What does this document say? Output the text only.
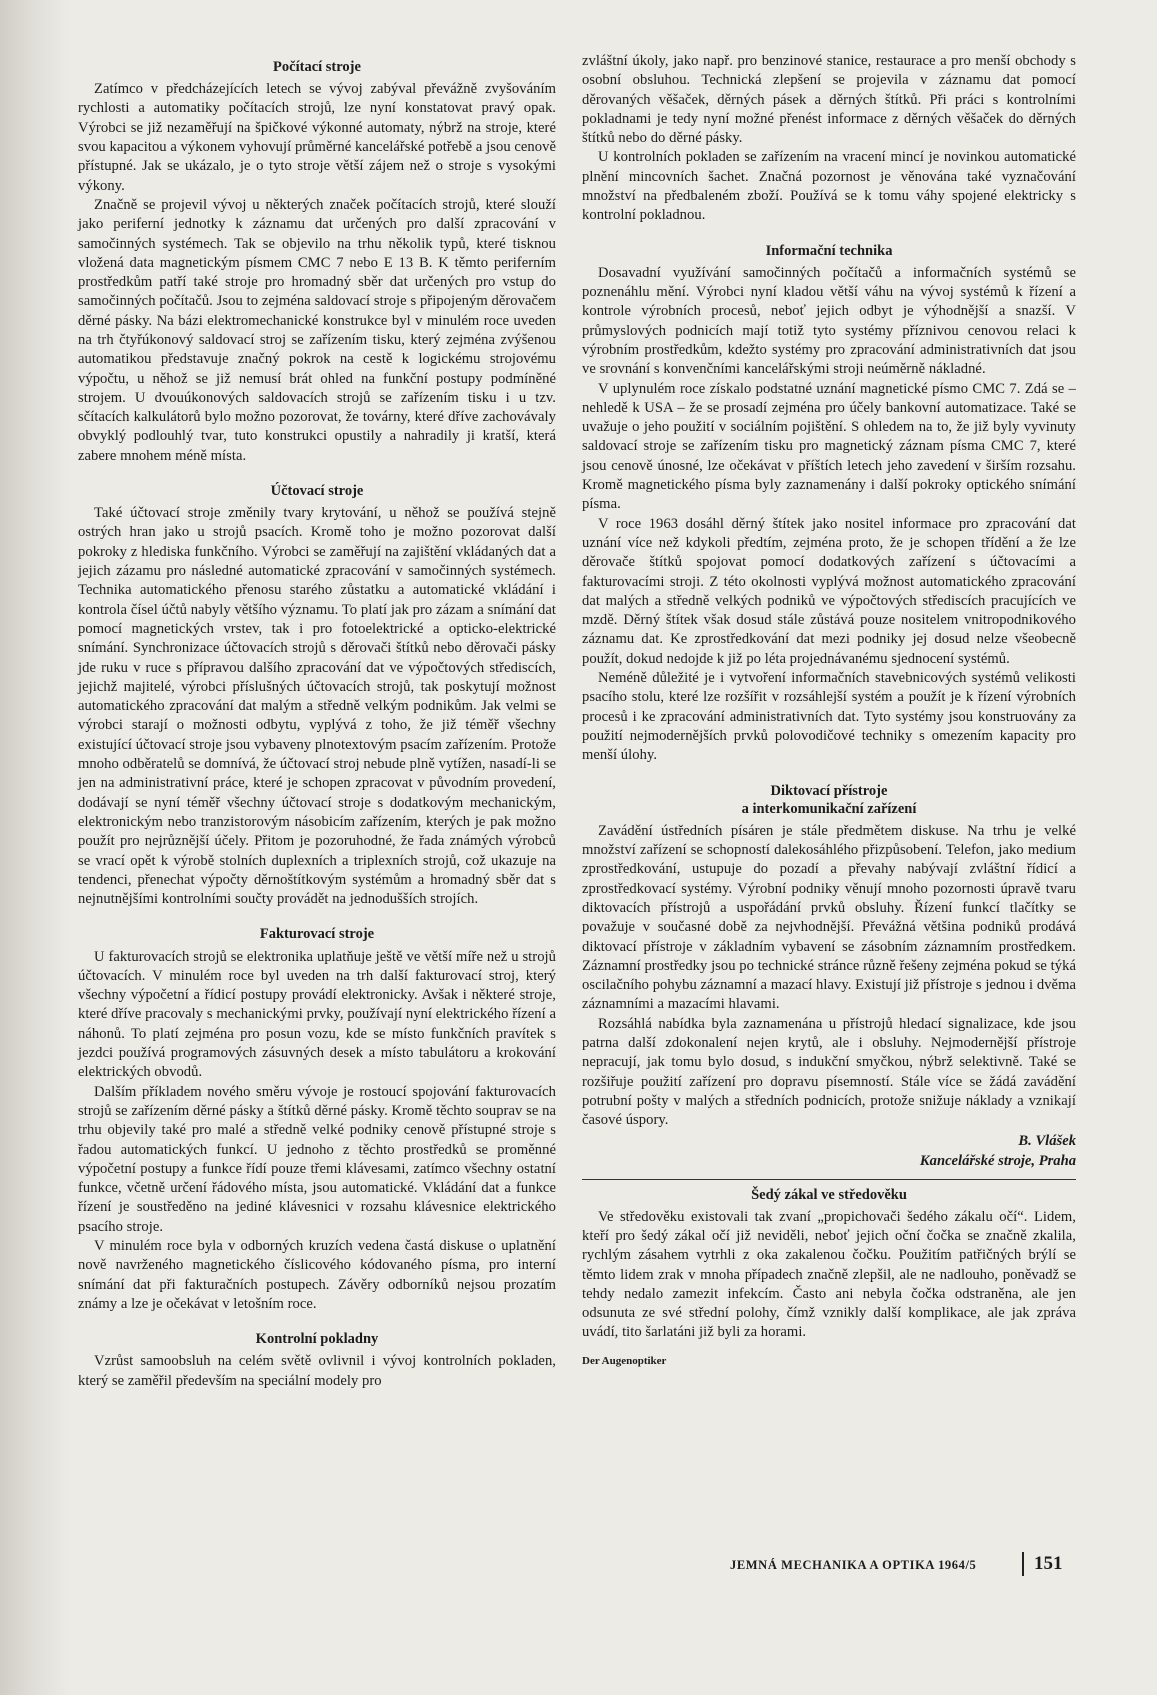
Počítací stroje

Zatímco v předcházejících letech se vývoj zabýval převážně zvyšováním rychlosti a automatiky počítacích strojů, lze nyní konstatovat pravý opak. Výrobci se již nezaměřují na špičkové výkonné automaty, nýbrž na stroje, které svou kapacitou a výkonem vyhovují průměrné kancelářské potřebě a jsou cenově přístupné. Jak se ukázalo, je o tyto stroje větší zájem než o stroje s vysokými výkony.

Značně se projevil vývoj u některých značek počítacích strojů, které slouží jako periferní jednotky k záznamu dat určených pro další zpracování v samočinných systémech. Tak se objevilo na trhu několik typů, které tisknou vložená data magnetickým písmem CMC 7 nebo E 13 B. K těmto periferním prostředkům patří také stroje pro hromadný sběr dat určených pro vstup do samočinných počítačů. Jsou to zejména saldovací stroje s připojeným děrovačem děrné pásky. Na bázi elektromechanické konstrukce byl v minulém roce uveden na trh čtyřúkonový saldovací stroj se zařízením tisku, který zejména zvýšenou automatikou představuje značný pokrok na cestě k logickému strojovému výpočtu, u něhož se již nemusí brát ohled na funkční postupy podmíněné strojem. U dvouúkonových saldovacích strojů se zařízením tisku i u tzv. sčítacích kalkulátorů bylo možno pozorovat, že továrny, které dříve zachovávaly obvyklý podlouhlý tvar, tuto konstrukci opustily a nahradily ji kratší, která zabere mnohem méně místa.

Účtovací stroje

Také účtovací stroje změnily tvary krytování, u něhož se používá stejně ostrých hran jako u strojů psacích. Kromě toho je možno pozorovat další pokroky z hlediska funkčního. Výrobci se zaměřují na zajištění vkládaných dat a jejich zázamu pro následné automatické zpracování v samočinných systémech. Technika automatického přenosu starého zůstatku a automatické vkládání i kontrola čísel účtů nabyly většího významu. To platí jak pro zázam a snímání dat pomocí magnetických vrstev, tak i pro fotoelektrické a opticko-elektrické snímání. Synchronizace účtovacích strojů s děrovači štítků nebo děrovači pásky jde ruku v ruce s přípravou dalšího zpracování dat ve výpočtových střediscích, jejichž majitelé, výrobci příslušných účtovacích strojů, tak poskytují možnost automatického zpracování dat malým a středně velkým podnikům. Jak velmi se výrobci starají o možnosti odbytu, vyplývá z toho, že již téměř všechny existující účtovací stroje jsou vybaveny plnotextovým psacím zařízením. Protože mnoho odběratelů se domnívá, že účtovací stroj nebude plně vytížen, nasadí-li se jen na administrativní práce, které je schopen zpracovat v původním provedení, dodávají se nyní téměř všechny účtovací stroje s dodatkovým mechanickým, elektronickým nebo tranzistorovým násobicím zařízením, kterých je pak možno použít pro nejrůznější účely. Přitom je pozoruhodné, že řada známých výrobců se vrací opět k výrobě stolních duplexních a triplexních strojů, což ukazuje na tendenci, přenechat výpočty děrnoštítkovým systémům a hromadný sběr dat s nejnutnějšími kontrolními součty provádět na jednodušších strojích.

Fakturovací stroje

U fakturovacích strojů se elektronika uplatňuje ještě ve větší míře než u strojů účtovacích. V minulém roce byl uveden na trh další fakturovací stroj, který všechny výpočetní a řídicí postupy provádí elektronicky. Avšak i některé stroje, které dříve pracovaly s mechanickými prvky, používají nyní elektrického řízení a náhonů. To platí zejména pro posun vozu, kde se místo funkčních pravítek s jezdci používá programových zásuvných desek a místo tabulátoru a krokování elektrických obvodů.

Dalším příkladem nového směru vývoje je rostoucí spojování fakturovacích strojů se zařízením děrné pásky a štítků děrné pásky. Kromě těchto souprav se na trhu objevily také pro malé a středně velké podniky cenově přístupné stroje s řadou automatických funkcí. U jednoho z těchto prostředků se proměnné výpočetní postupy a funkce řídí pouze třemi klávesami, zatímco všechny ostatní funkce, včetně určení řádového místa, jsou automatické. Vkládání dat a funkce řízení je soustředěno na jediné klávesnici v rozsahu klávesnice elektrického psacího stroje.

V minulém roce byla v odborných kruzích vedena častá diskuse o uplatnění nově navrženého magnetického číslicového kódovaného písma, pro interní snímání dat při fakturačních postupech. Závěry odborníků nejsou prozatím známy a lze je očekávat v letošním roce.

Kontrolní pokladny

Vzrůst samoobsluh na celém světě ovlivnil i vývoj kontrolních pokladen, který se zaměřil především na speciální modely pro

zvláštní úkoly, jako např. pro benzinové stanice, restaurace a pro menší obchody s osobní obsluhou. Technická zlepšení se projevila v záznamu dat pomocí děrovaných věšaček, děrných pásek a děrných štítků. Při práci s kontrolními pokladnami je tedy nyní možné přenést informace z děrných věšaček do děrných štítků nebo do děrné pásky.

U kontrolních pokladen se zařízením na vracení mincí je novinkou automatické plnění mincovních šachet. Značná pozornost je věnována také vyznačování množství na předbaleném zboží. Používá se k tomu váhy spojené elektricky s kontrolní pokladnou.

Informační technika

Dosavadní využívání samočinných počítačů a informačních systémů se poznenáhlu mění. Výrobci nyní kladou větší váhu na vývoj systémů k řízení a kontrole výrobních procesů, neboť jejich odbyt je výhodnější a snazší. V průmyslových podnicích mají totiž tyto systémy příznivou cenovou relaci k výrobním prostředkům, kdežto systémy pro zpracování administrativních dat jsou ve srovnání s konvenčními kancelářskými stroji neúměrně nákladné.

V uplynulém roce získalo podstatné uznání magnetické písmo CMC 7. Zdá se – nehledě k USA – že se prosadí zejména pro účely bankovní automatizace. Také se uvažuje o jeho použití v sociálním pojištění. S ohledem na to, že již byly vyvinuty saldovací stroje se zařízením tisku pro magnetický záznam písma CMC 7, které jsou cenově únosné, lze očekávat v příštích letech jeho zavedení v širším rozsahu. Kromě magnetického písma byly zaznamenány i další pokroky optického snímání písma.

V roce 1963 dosáhl děrný štítek jako nositel informace pro zpracování dat uznání více než kdykoli předtím, zejména proto, že je schopen třídění a že lze děrovače štítků spojovat pomocí dodatkových zařízení s účtovacími a fakturovacími stroji. Z této okolnosti vyplývá možnost automatického zpracování dat malých a středně velkých podniků ve výpočtových střediscích pracujících ve mzdě. Děrný štítek však dosud stále zůstává pouze nositelem vnitropodnikového záznamu dat. Ke zprostředkování dat mezi podniky jej dosud nelze všeobecně použít, dokud nedojde k již po léta projednávanému sjednocení systémů.

Neméně důležité je i vytvoření informačních stavebnicových systémů velikosti psacího stolu, které lze rozšířit v rozsáhlejší systém a použít je k řízení výrobních procesů i ke zpracování administrativních dat. Tyto systémy jsou konstruovány za použití nejmodernějších prvků polovodičové techniky s omezením kapacity pro menší úlohy.

Diktovací přístroje
a interkomunikační zařízení

Zavádění ústředních písáren je stále předmětem diskuse. Na trhu je velké množství zařízení se schopností dalekosáhlého přizpůsobení. Telefon, jako medium zprostředkování, ustupuje do pozadí a převahy nabývají zvláštní řídicí a zprostředkovací systémy. Výrobní podniky věnují mnoho pozornosti úpravě tvaru diktovacích přístrojů a uspořádání prvků obsluhy. Řízení funkcí tlačítky se považuje v současné době za nejvhodnější. Převážná většina podniků prodává diktovací přístroje v základním vybavení se zásobním záznamním prostředkem. Záznamní prostředky jsou po technické stránce různě řešeny zejména pokud se týká oscilačního pohybu záznamní a mazací hlavy. Existují již přístroje s jednou i dvěma záznamními a mazacími hlavami.

Rozsáhlá nabídka byla zaznamenána u přístrojů hledací signalizace, kde jsou patrna další zdokonalení nejen krytů, ale i obsluhy. Nejmodernější přístroje nepracují, jak tomu bylo dosud, s indukční smyčkou, nýbrž selektivně. Také se rozšiřuje použití zařízení pro dopravu písemností. Stále více se žádá zavádění potrubní pošty v malých a středních podnicích, protože snižuje náklady a vznikají časové úspory.

B. Vlášek
Kancelářské stroje, Praha
Šedý zákal ve středověku

Ve středověku existovali tak zvaní „propichovači šedého zákalu očí“. Lidem, kteří pro šedý zákal očí již neviděli, neboť jejich oční čočka se značně zkalila, rychlým zásahem vytrhli z oka zakalenou čočku. Použitím patřičných brýlí se těmto lidem zrak v mnoha případech značně zlepšil, ale ne nadlouho, poněvadž se tehdy nedalo zamezit infekcím. Často ani nebyla čočka odstraněna, ale jen odsunuta ze své střední polohy, čímž vznikly další komplikace, ale jak zpráva uvádí, tito šarlatáni již byli za horami.

Der Augenoptiker
JEMNÁ MECHANIKA A OPTIKA 1964/5	151
